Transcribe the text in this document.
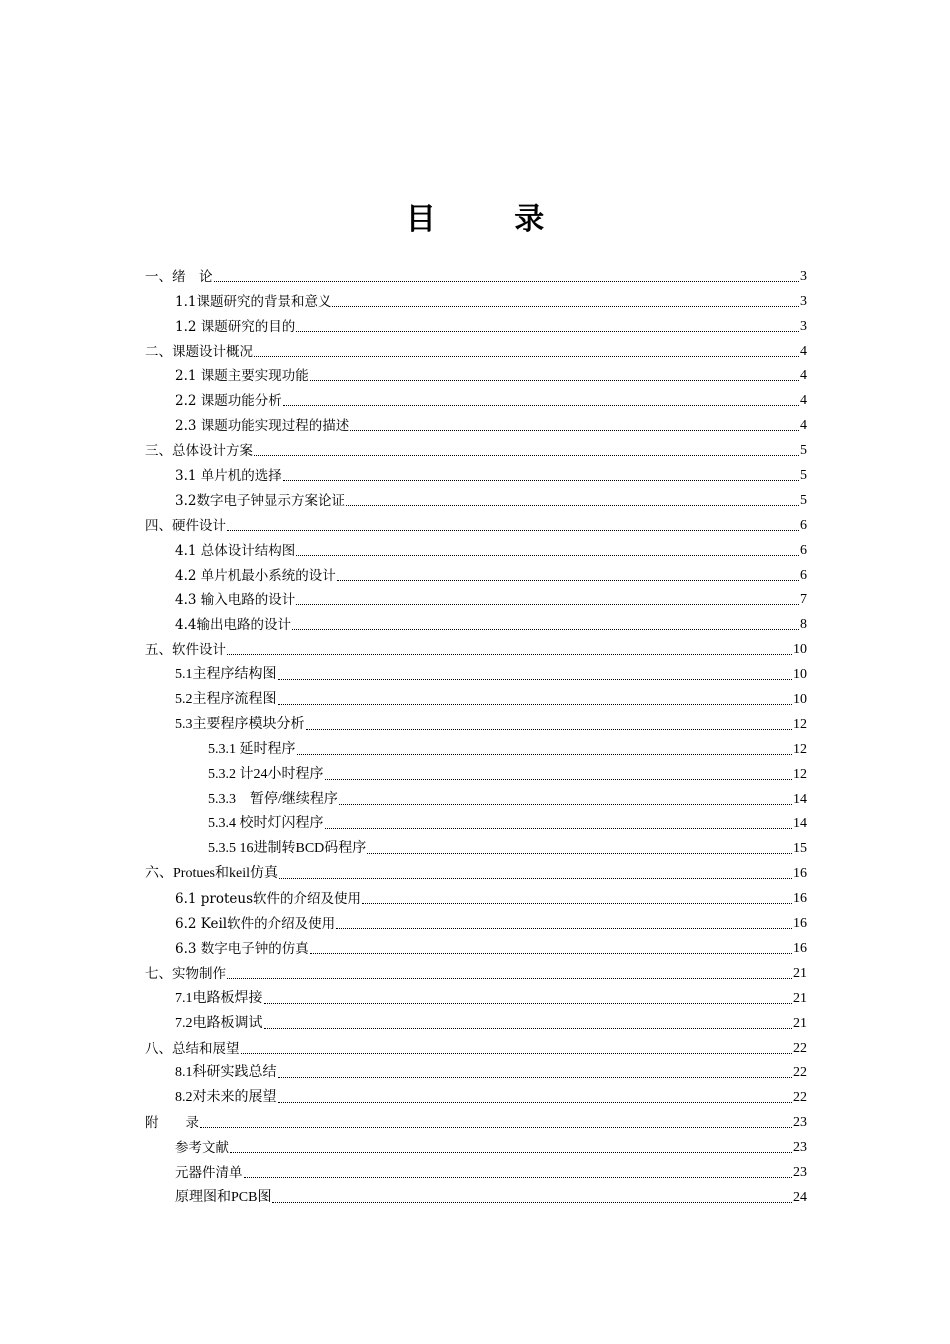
目 录
一、绪　论	3
1.1课题研究的背景和意义	3
1.2 课题研究的目的	3
二、课题设计概况	4
2.1 课题主要实现功能	4
2.2 课题功能分析	4
2.3 课题功能实现过程的描述	4
三、总体设计方案	5
3.1 单片机的选择	5
3.2数字电子钟显示方案论证	5
四、硬件设计	6
4.1 总体设计结构图	6
4.2 单片机最小系统的设计	6
4.3 输入电路的设计	7
4.4输出电路的设计	8
五、软件设计	10
5.1主程序结构图	10
5.2主程序流程图	10
5.3主要程序模块分析	12
5.3.1 延时程序	12
5.3.2 计24小时程序	12
5.3.3　暂停/继续程序	14
5.3.4 校时灯闪程序	14
5.3.5 16进制转BCD码程序	15
六、Protues和keil仿真	16
6.1 proteus软件的介绍及使用	16
6.2 Keil软件的介绍及使用	16
6.3 数字电子钟的仿真	16
七、实物制作	21
7.1电路板焊接	21
7.2电路板调试	21
八、总结和展望	22
8.1科研实践总结	22
8.2对未来的展望	22
附　　录	23
参考文献	23
元器件清单	23
原理图和PCB图	24
